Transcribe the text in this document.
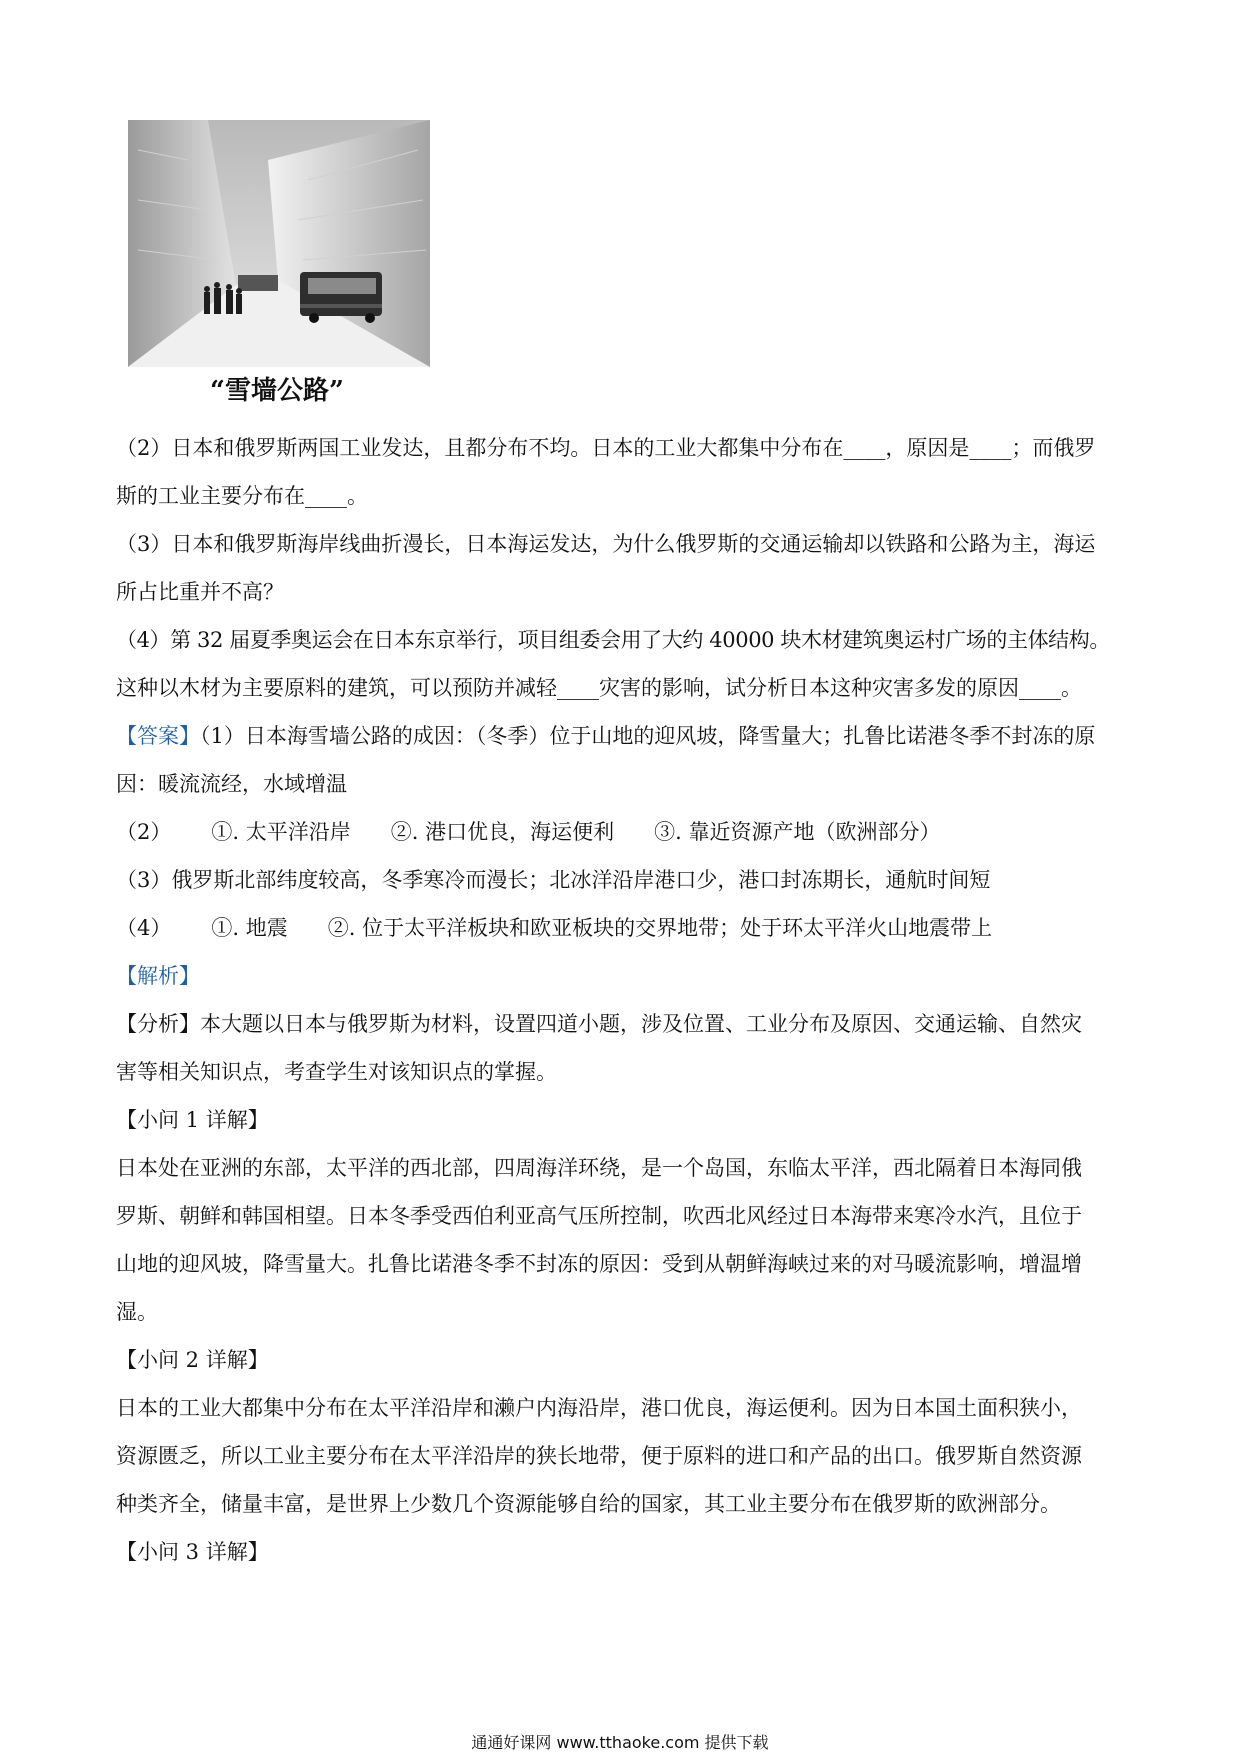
“雪墙公路”

（2）日本和俄罗斯两国工业发达，且都分布不均。日本的工业大都集中分布在____，原因是____；而俄罗

斯的工业主要分布在____。

（3）日本和俄罗斯海岸线曲折漫长，日本海运发达，为什么俄罗斯的交通运输却以铁路和公路为主，海运

所占比重并不高？

（4）第 32 届夏季奥运会在日本东京举行，项目组委会用了大约 40000 块木材建筑奥运村广场的主体结构。

这种以木材为主要原料的建筑，可以预防并减轻____灾害的影响，试分析日本这种灾害多发的原因____。

【答案】（1）日本海雪墙公路的成因：（冬季）位于山地的迎风坡，降雪量大；扎鲁比诺港冬季不封冻的原

因：暖流流经，水域增温

（2） ①. 太平洋沿岸 ②. 港口优良，海运便利 ③. 靠近资源产地（欧洲部分）

（3）俄罗斯北部纬度较高，冬季寒冷而漫长；北冰洋沿岸港口少，港口封冻期长，通航时间短

（4） ①. 地震 ②. 位于太平洋板块和欧亚板块的交界地带；处于环太平洋火山地震带上

【解析】

【分析】本大题以日本与俄罗斯为材料，设置四道小题，涉及位置、工业分布及原因、交通运输、自然灾

害等相关知识点，考查学生对该知识点的掌握。

【小问 1 详解】

日本处在亚洲的东部，太平洋的西北部，四周海洋环绕，是一个岛国，东临太平洋，西北隔着日本海同俄

罗斯、朝鲜和韩国相望。日本冬季受西伯利亚高气压所控制，吹西北风经过日本海带来寒冷水汽，且位于

山地的迎风坡，降雪量大。扎鲁比诺港冬季不封冻的原因：受到从朝鲜海峡过来的对马暖流影响，增温增

湿。

【小问 2 详解】

日本的工业大都集中分布在太平洋沿岸和濑户内海沿岸，港口优良，海运便利。因为日本国土面积狭小，

资源匮乏，所以工业主要分布在太平洋沿岸的狭长地带，便于原料的进口和产品的出口。俄罗斯自然资源

种类齐全，储量丰富，是世界上少数几个资源能够自给的国家，其工业主要分布在俄罗斯的欧洲部分。

【小问 3 详解】

通通好课网 www.tthaoke.com 提供下载
